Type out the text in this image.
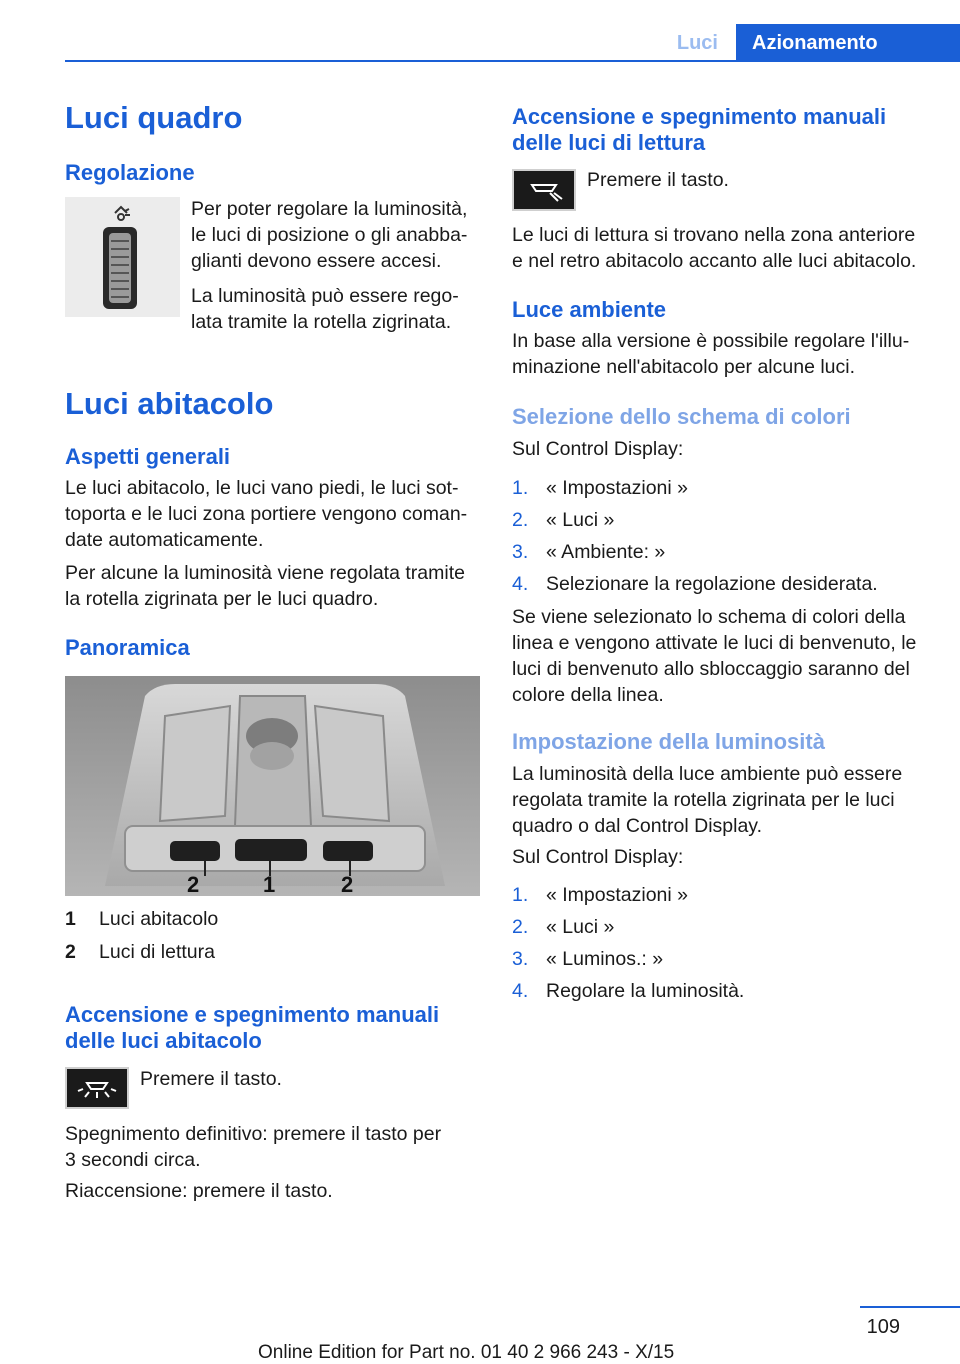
Luci	Azionamento
Luci quadro
Regolazione
Per poter regolare la luminosità,
le luci di posizione o gli anabba-
glianti devono essere accesi.
La luminosità può essere rego-
lata tramite la rotella zigrinata.
Luci abitacolo
Aspetti generali
Le luci abitacolo, le luci vano piedi, le luci sot-
toporta e le luci zona portiere vengono coman-
date automaticamente.
Per alcune la luminosità viene regolata tramite
la rotella zigrinata per le luci quadro.
Panoramica
2	1	2
1 Luci abitacolo
2 Luci di lettura
Accensione e spegnimento manuali
delle luci abitacolo
Premere il tasto.
Spegnimento definitivo: premere il tasto per
3 secondi circa.
Riaccensione: premere il tasto.
Accensione e spegnimento manuali
delle luci di lettura
Premere il tasto.
Le luci di lettura si trovano nella zona anteriore
e nel retro abitacolo accanto alle luci abitacolo.
Luce ambiente
In base alla versione è possibile regolare l'illu-
minazione nell'abitacolo per alcune luci.
Selezione dello schema di colori
Sul Control Display:
1. « Impostazioni »
2. « Luci »
3. « Ambiente: »
4. Selezionare la regolazione desiderata.
Se viene selezionato lo schema di colori della
linea e vengono attivate le luci di benvenuto, le
luci di benvenuto allo sbloccaggio saranno del
colore della linea.
Impostazione della luminosità
La luminosità della luce ambiente può essere
regolata tramite la rotella zigrinata per le luci
quadro o dal Control Display.
Sul Control Display:
1. « Impostazioni »
2. « Luci »
3. « Luminos.: »
4. Regolare la luminosità.
109
Online Edition for Part no. 01 40 2 966 243 - X/15
